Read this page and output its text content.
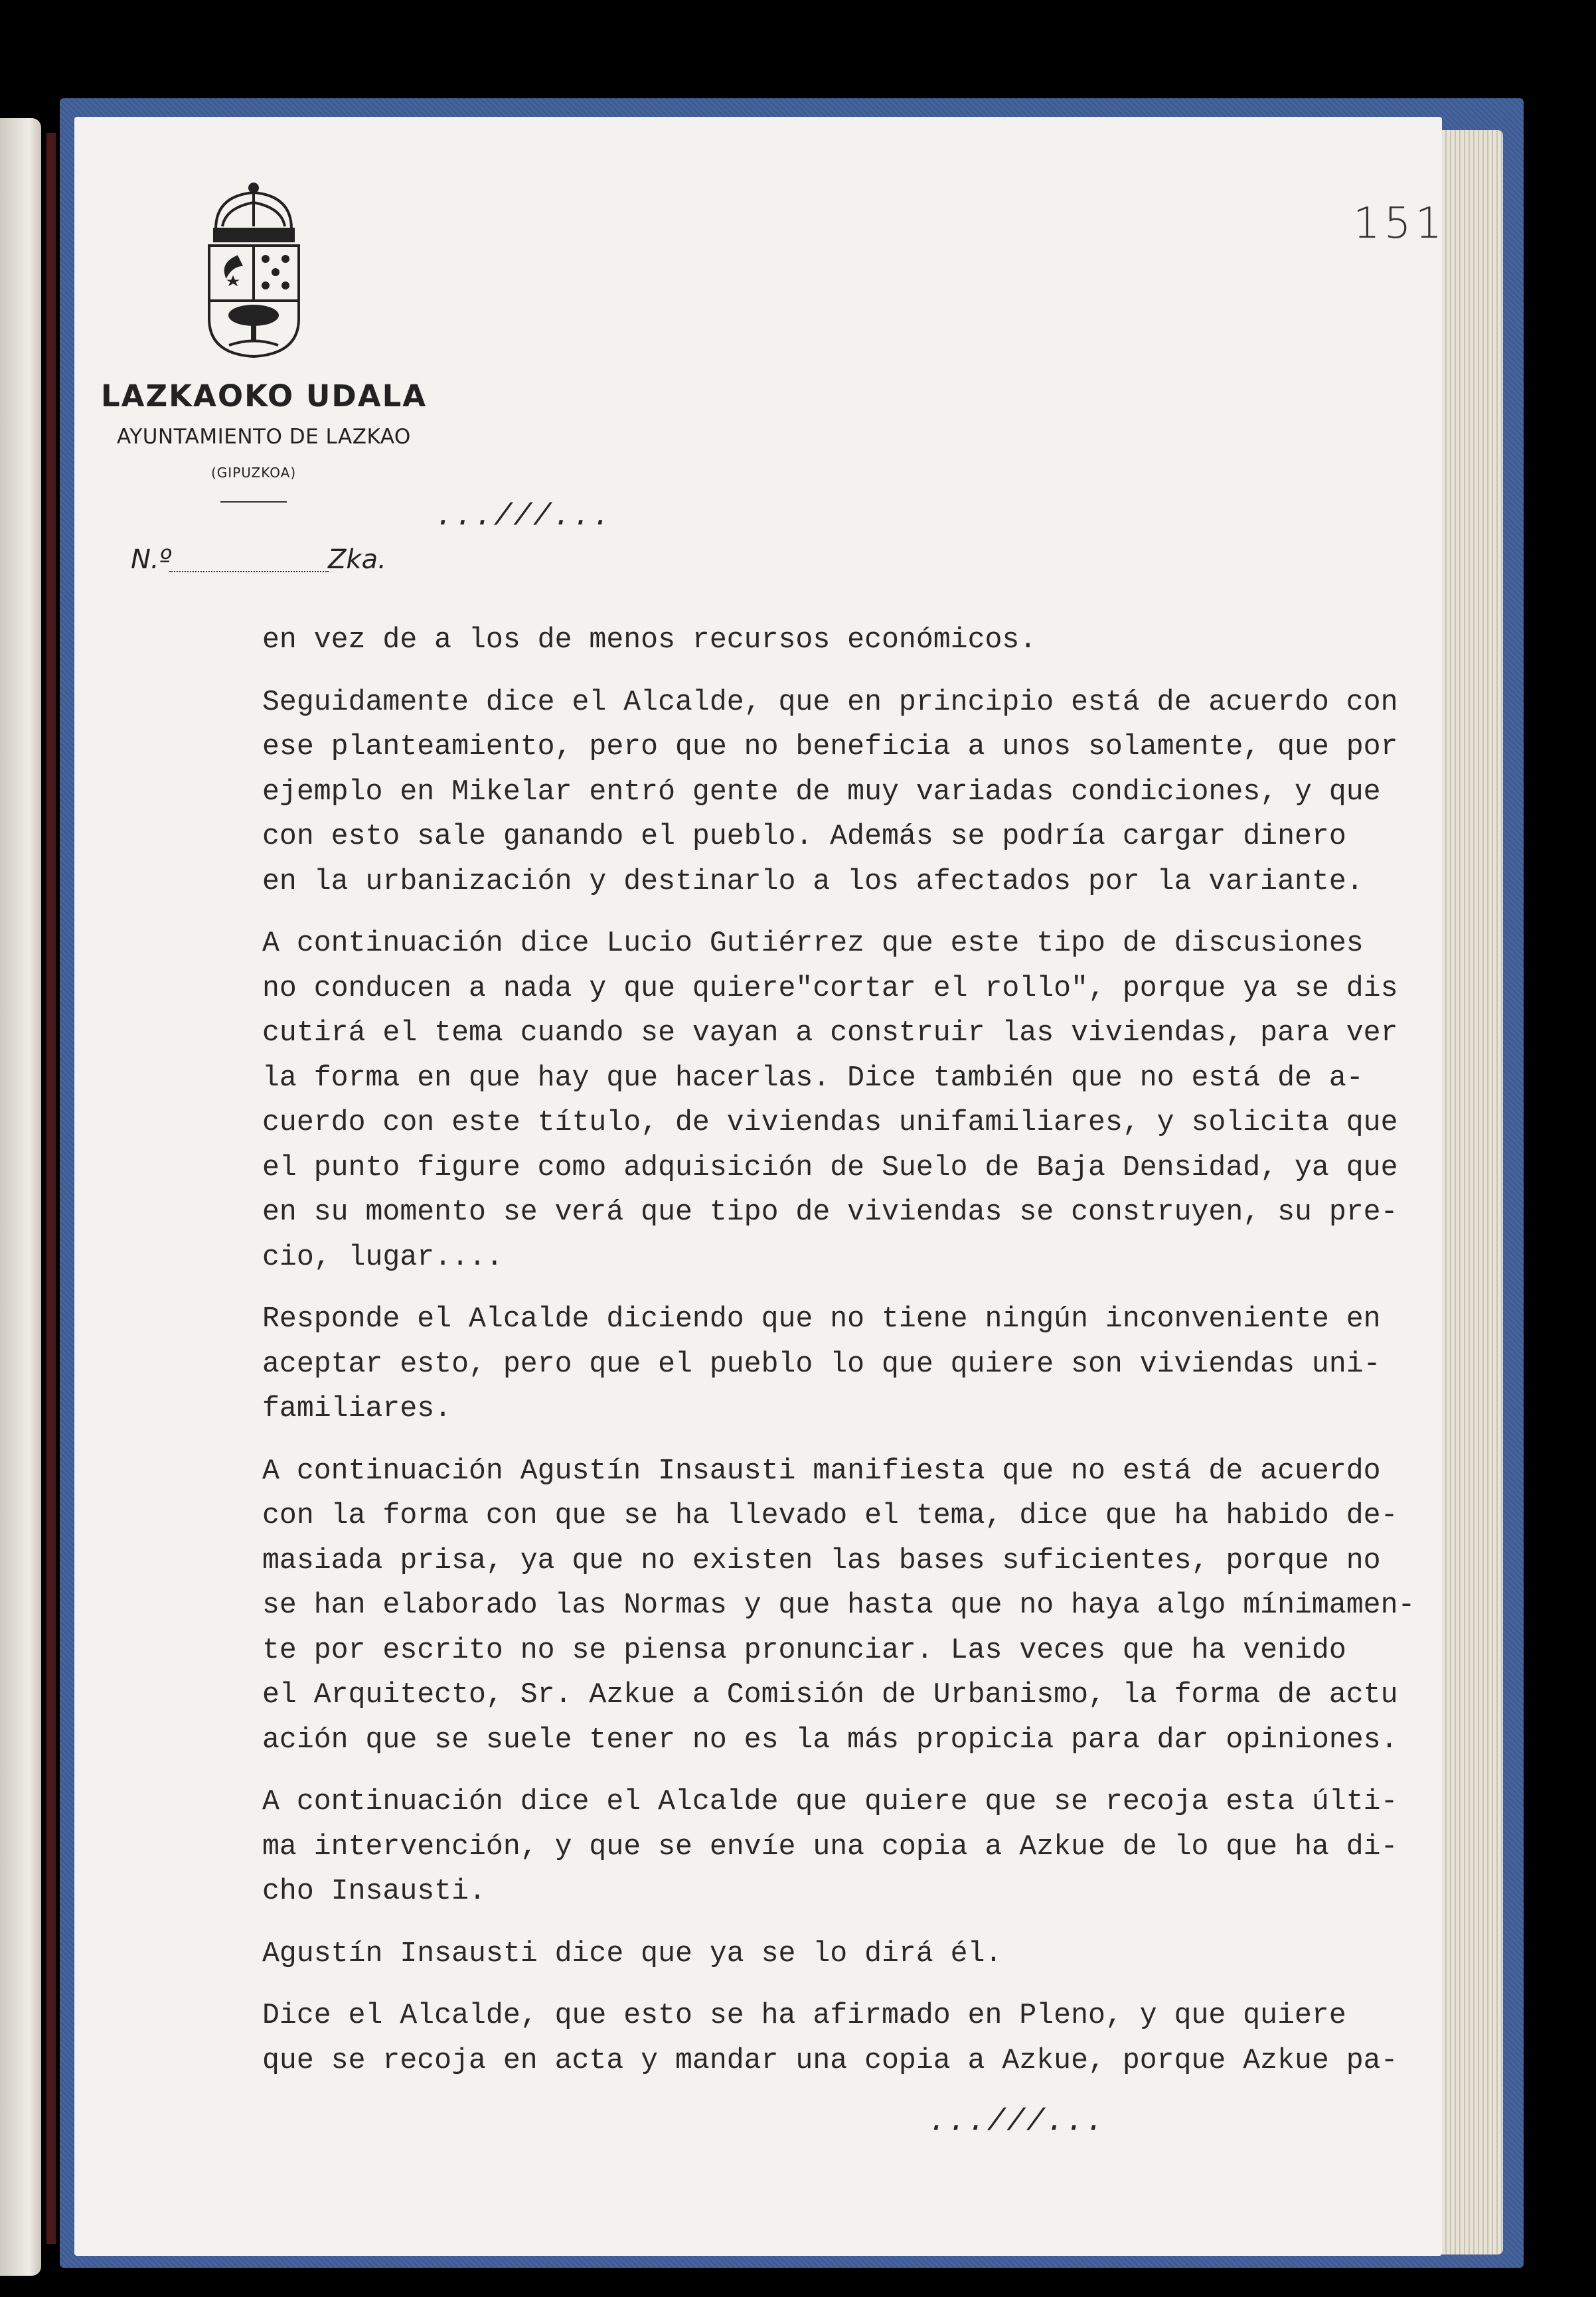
LAZKAOKO UDALA
AYUNTAMIENTO DE LAZKAO
(GIPUZKOA)
N.º	Zka.
151
...///...
en vez de a los de menos recursos económicos.
Seguidamente dice el Alcalde, que en principio está de acuerdo con
ese planteamiento, pero que no beneficia a unos solamente, que por
ejemplo en Mikelar entró gente de muy variadas condiciones, y que
con esto sale ganando el pueblo. Además se podría cargar dinero
en la urbanización y destinarlo a los afectados por la variante.
A continuación dice Lucio Gutiérrez que este tipo de discusiones
no conducen a nada y que quiere"cortar el rollo", porque ya se dis
cutirá el tema cuando se vayan a construir las viviendas, para ver
la forma en que hay que hacerlas. Dice también que no está de a-
cuerdo con este título, de viviendas unifamiliares, y solicita que
el punto figure como adquisición de Suelo de Baja Densidad, ya que
en su momento se verá que tipo de viviendas se construyen, su pre-
cio, lugar....
Responde el Alcalde diciendo que no tiene ningún inconveniente en
aceptar esto, pero que el pueblo lo que quiere son viviendas uni-
familiares.
A continuación Agustín Insausti manifiesta que no está de acuerdo
con la forma con que se ha llevado el tema, dice que ha habido de-
masiada prisa, ya que no existen las bases suficientes, porque no
se han elaborado las Normas y que hasta que no haya algo mínimamen-
te por escrito no se piensa pronunciar. Las veces que ha venido
el Arquitecto, Sr. Azkue a Comisión de Urbanismo, la forma de actu
ación que se suele tener no es la más propicia para dar opiniones.
A continuación dice el Alcalde que quiere que se recoja esta últi-
ma intervención, y que se envíe una copia a Azkue de lo que ha di-
cho Insausti.
Agustín Insausti dice que ya se lo dirá él.
Dice el Alcalde, que esto se ha afirmado en Pleno, y que quiere
que se recoja en acta y mandar una copia a Azkue, porque Azkue pa-
...///...
